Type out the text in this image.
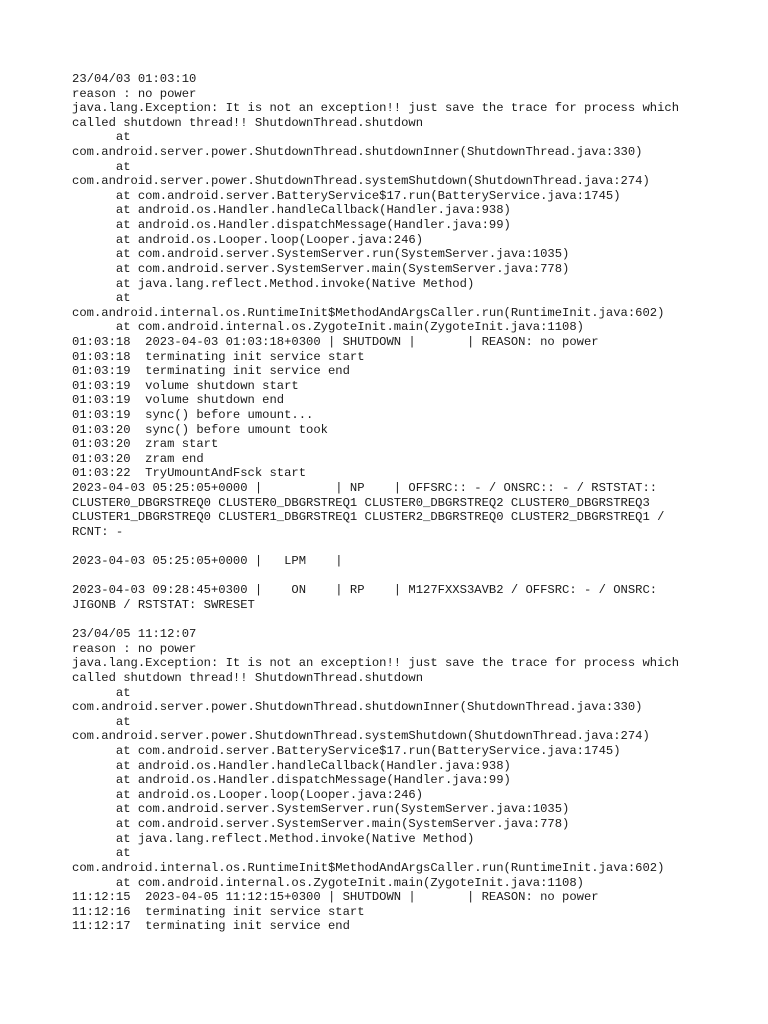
23/04/03 01:03:10
reason : no power
java.lang.Exception: It is not an exception!! just save the trace for process which
called shutdown thread!! ShutdownThread.shutdown
at
com.android.server.power.ShutdownThread.shutdownInner(ShutdownThread.java:330)
at
com.android.server.power.ShutdownThread.systemShutdown(ShutdownThread.java:274)
at com.android.server.BatteryService$17.run(BatteryService.java:1745)
at android.os.Handler.handleCallback(Handler.java:938)
at android.os.Handler.dispatchMessage(Handler.java:99)
at android.os.Looper.loop(Looper.java:246)
at com.android.server.SystemServer.run(SystemServer.java:1035)
at com.android.server.SystemServer.main(SystemServer.java:778)
at java.lang.reflect.Method.invoke(Native Method)
at
com.android.internal.os.RuntimeInit$MethodAndArgsCaller.run(RuntimeInit.java:602)
at com.android.internal.os.ZygoteInit.main(ZygoteInit.java:1108)
01:03:18  2023-04-03 01:03:18+0300 | SHUTDOWN |       | REASON: no power
01:03:18  terminating init service start
01:03:19  terminating init service end
01:03:19  volume shutdown start
01:03:19  volume shutdown end
01:03:19  sync() before umount...
01:03:20  sync() before umount took
01:03:20  zram start
01:03:20  zram end
01:03:22  TryUmountAndFsck start
2023-04-03 05:25:05+0000 |          | NP    | OFFSRC:: - / ONSRC:: - / RSTSTAT::
CLUSTER0_DBGRSTREQ0 CLUSTER0_DBGRSTREQ1 CLUSTER0_DBGRSTREQ2 CLUSTER0_DBGRSTREQ3
CLUSTER1_DBGRSTREQ0 CLUSTER1_DBGRSTREQ1 CLUSTER2_DBGRSTREQ0 CLUSTER2_DBGRSTREQ1 /
RCNT: -
2023-04-03 05:25:05+0000 |   LPM    |
2023-04-03 09:28:45+0300 |    ON    | RP    | M127FXXS3AVB2 / OFFSRC: - / ONSRC:
JIGONB / RSTSTAT: SWRESET
23/04/05 11:12:07
reason : no power
java.lang.Exception: It is not an exception!! just save the trace for process which
called shutdown thread!! ShutdownThread.shutdown
at
com.android.server.power.ShutdownThread.shutdownInner(ShutdownThread.java:330)
at
com.android.server.power.ShutdownThread.systemShutdown(ShutdownThread.java:274)
at com.android.server.BatteryService$17.run(BatteryService.java:1745)
at android.os.Handler.handleCallback(Handler.java:938)
at android.os.Handler.dispatchMessage(Handler.java:99)
at android.os.Looper.loop(Looper.java:246)
at com.android.server.SystemServer.run(SystemServer.java:1035)
at com.android.server.SystemServer.main(SystemServer.java:778)
at java.lang.reflect.Method.invoke(Native Method)
at
com.android.internal.os.RuntimeInit$MethodAndArgsCaller.run(RuntimeInit.java:602)
at com.android.internal.os.ZygoteInit.main(ZygoteInit.java:1108)
11:12:15  2023-04-05 11:12:15+0300 | SHUTDOWN |       | REASON: no power
11:12:16  terminating init service start
11:12:17  terminating init service end
